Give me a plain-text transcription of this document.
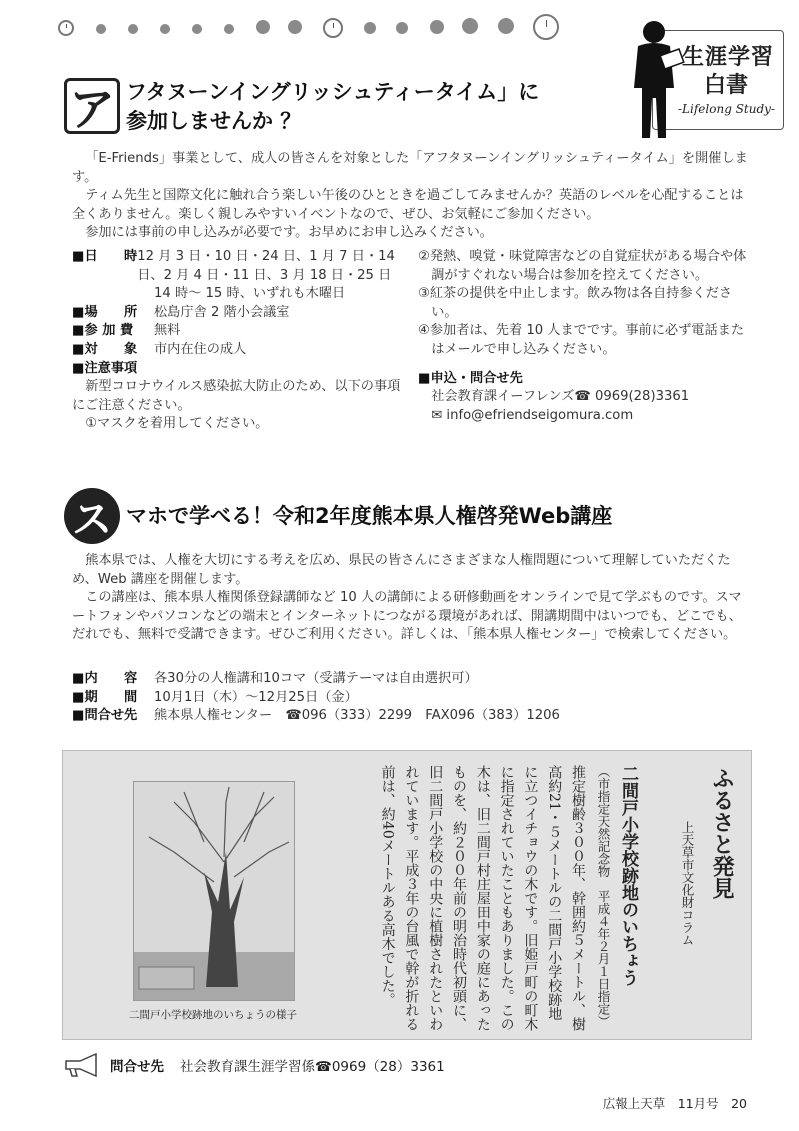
生涯学習
白書
-Lifelong Study-
ア フタヌーンイングリッシュティータイム」に
参加しませんか ？
「E-Friends」事業として、成人の皆さんを対象とした「アフタヌーンイングリッシュティータイム」を開催します。
ティム先生と国際文化に触れ合う楽しい午後のひとときを過ごしてみませんか？英語のレベルを心配することは全くありません。楽しく親しみやすいイベントなので、ぜひ、お気軽にご参加ください。
参加には事前の申し込みが必要です。お早めにお申し込みください。
■日　　時 12 月 3 日・10 日・24 日、1 月 7 日・14 日、2 月 4 日・11 日、3 月 18 日・25 日
14 時～ 15 時、いずれも木曜日
■場　　所	松島庁舎 2 階小会議室
■参 加 費	無料
■対　　象	市内在住の成人
■注意事項
新型コロナウイルス感染拡大防止のため、以下の事項にご注意ください。
①マスクを着用してください。
②発熱、嗅覚・味覚障害などの自覚症状がある場合や体調がすぐれない場合は参加を控えてください。
③紅茶の提供を中止します。飲み物は各自持参ください。
④参加者は、先着 10 人までです。事前に必ず電話またはメールで申し込みください。
■申込・問合せ先
社会教育課イーフレンズ☎ 0969(28)3361
✉ info@efriendseigomura.com
ス マホで学べる！令和2年度熊本県人権啓発Web講座
熊本県では、人権を大切にする考えを広め、県民の皆さんにさまざまな人権問題について理解していただくため、Web 講座を開催します。
この講座は、熊本県人権関係登録講師など 10 人の講師による研修動画をオンラインで見て学ぶものです。スマートフォンやパソコンなどの端末とインターネットにつながる環境があれば、開講期間中はいつでも、どこでも、だれでも、無料で受講できます。ぜひご利用ください。詳しくは、「熊本県人権センター」で検索してください。
■内　　容	各30分の人権講和10コマ（受講テーマは自由選択可）
■期　　間	10月1日（木）～12月25日（金）
■問合せ先	熊本県人権センター　☎096（333）2299　FAX096（383）1206
二間戸小学校跡地のいちょうの様子
ふるさと発見
上天草市文化財コラム
二間戸小学校跡地のいちょう
（市指定天然記念物　平成４年２月１日指定）
推定樹齢３００年、幹囲約５メートル、樹高約21・５メートルの二間戸小学校跡地に立つイチョウの木です。旧姫戸町の町木に指定されていたこともありました。この木は、旧二間戸村庄屋田中家の庭にあったものを、約２００年前の明治時代初頭に、旧二間戸小学校の中央に植樹されたといわれています。平成３年の台風で幹が折れる前は、約40メートルある高木でした。
問合せ先 社会教育課生涯学習係☎0969（28）3361
広報上天草　11月号　20
